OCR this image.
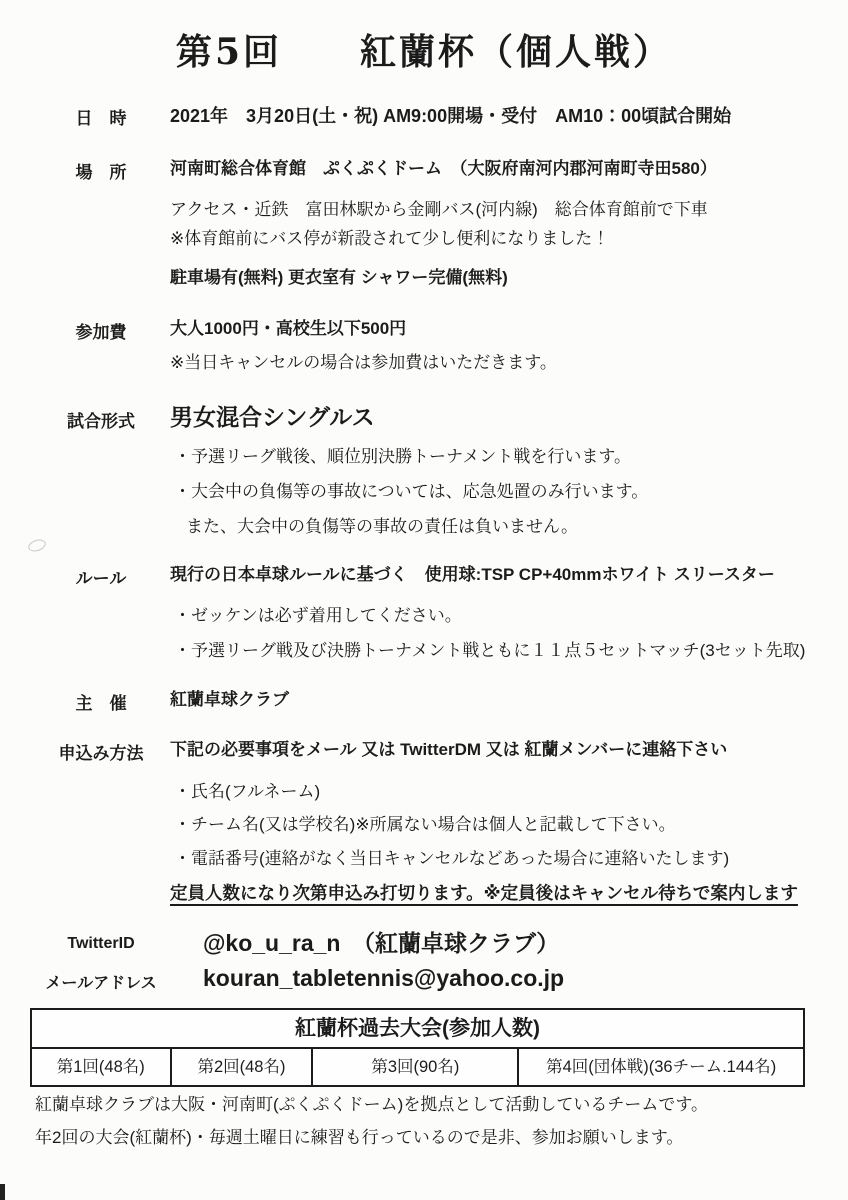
第5回　　紅蘭杯（個人戦）
日　時	2021年　3月20日(土・祝) AM9:00開場・受付　AM10：00頃試合開始
場　所	河南町総合体育館　ぷくぷくドーム　（大阪府南河内郡河南町寺田580）
アクセス・近鉄　富田林駅から金剛バス(河内線)　総合体育館前で下車
※体育館前にバス停が新設されて少し便利になりました！
駐車場有(無料) 更衣室有 シャワー完備(無料)
参加費	大人1000円・高校生以下500円
※当日キャンセルの場合は参加費はいただきます。
試合形式	男女混合シングルス
・予選リーグ戦後、順位別決勝トーナメント戦を行います。
・大会中の負傷等の事故については、応急処置のみ行います。
また、大会中の負傷等の事故の責任は負いません。
ルール	現行の日本卓球ルールに基づく　使用球:TSP CP+40mmホワイト スリースター
・ゼッケンは必ず着用してください。
・予選リーグ戦及び決勝トーナメント戦ともに１１点５セットマッチ(3セット先取)
主　催	紅蘭卓球クラブ
申込み方法	下記の必要事項をメール 又は TwitterDM 又は 紅蘭メンバーに連絡下さい
・氏名(フルネーム)
・チーム名(又は学校名)※所属ない場合は個人と記載して下さい。
・電話番号(連絡がなく当日キャンセルなどあった場合に連絡いたします)
定員人数になり次第申込み打切ります。※定員後はキャンセル待ちで案内します
TwitterID	@ko_u_ra_n　（紅蘭卓球クラブ）
メールアドレス	kouran_tabletennis@yahoo.co.jp
紅蘭杯過去大会(参加人数)
第1回(48名)	第2回(48名)	第3回(90名)	第4回(団体戦)(36チーム.144名)
紅蘭卓球クラブは大阪・河南町(ぷくぷくドーム)を拠点として活動しているチームです。
年2回の大会(紅蘭杯)・毎週土曜日に練習も行っているので是非、参加お願いします。
